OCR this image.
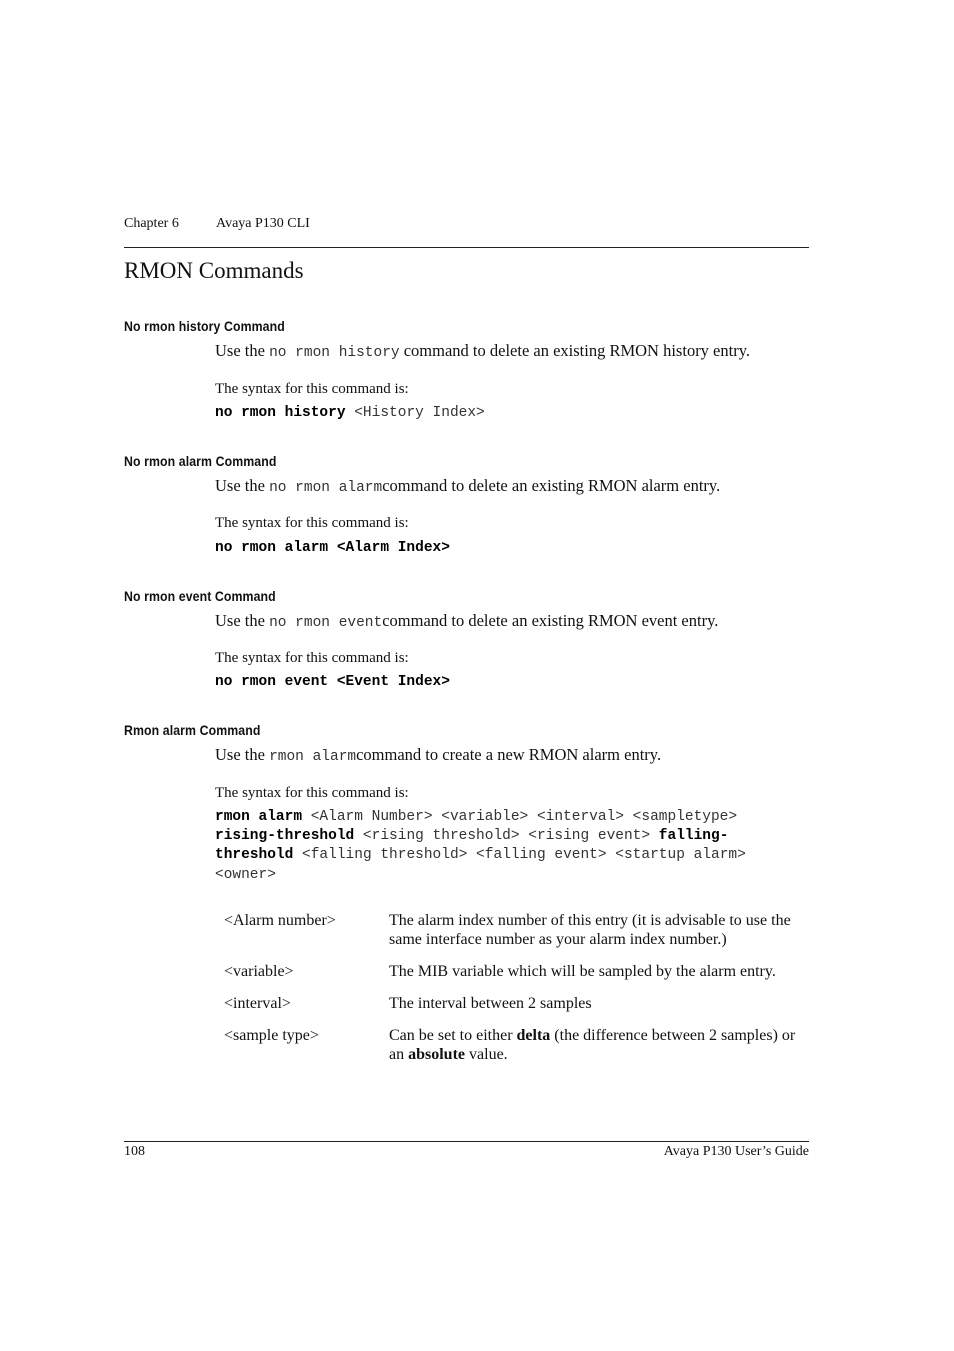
Chapter 6	Avaya P130 CLI
RMON Commands
No rmon history Command
Use the no rmon history command to delete an existing RMON history entry.
The syntax for this command is:
no rmon history <History Index>
No rmon alarm Command
Use the no rmon alarmcommand to delete an existing RMON alarm entry.
The syntax for this command is:
no rmon alarm <Alarm Index>
No rmon event Command
Use the no rmon eventcommand to delete an existing RMON event entry.
The syntax for this command is:
no rmon event <Event Index>
Rmon alarm Command
Use the rmon alarmcommand to create a new RMON alarm entry.
The syntax for this command is:
rmon alarm <Alarm Number> <variable> <interval> <sampletype>
rising-threshold <rising threshold> <rising event> falling-
threshold <falling threshold> <falling event> <startup alarm>
<owner>
<Alarm number>	The alarm index number of this entry (it is advisable to use the same interface number as your alarm index number.)
<variable>	The MIB variable which will be sampled by the alarm entry.
<interval>	The interval between 2 samples
<sample type>	Can be set to either delta (the difference between 2 samples) or an absolute value.
108	Avaya P130 User’s Guide
